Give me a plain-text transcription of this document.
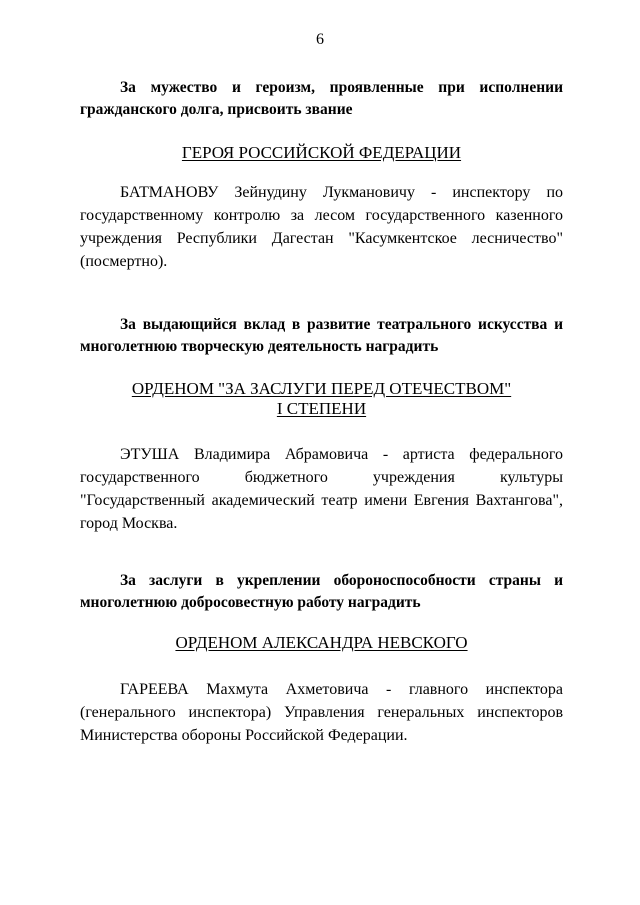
6
За мужество и героизм, проявленные при исполнении гражданского долга, присвоить звание
ГЕРОЯ РОССИЙСКОЙ ФЕДЕРАЦИИ
БАТМАНОВУ Зейнудину Лукмановичу - инспектору по государственному контролю за лесом государственного казенного учреждения Республики Дагестан "Касумкентское лесничество" (посмертно).
За выдающийся вклад в развитие театрального искусства и многолетнюю творческую деятельность наградить
ОРДЕНОМ "ЗА ЗАСЛУГИ ПЕРЕД ОТЕЧЕСТВОМ"
I СТЕПЕНИ
ЭТУША Владимира Абрамовича - артиста федерального государственного бюджетного учреждения культуры "Государственный академический театр имени Евгения Вахтангова", город Москва.
За заслуги в укреплении обороноспособности страны и многолетнюю добросовестную работу наградить
ОРДЕНОМ АЛЕКСАНДРА НЕВСКОГО
ГАРЕЕВА Махмута Ахметовича - главного инспектора (генерального инспектора) Управления генеральных инспекторов Министерства обороны Российской Федерации.
